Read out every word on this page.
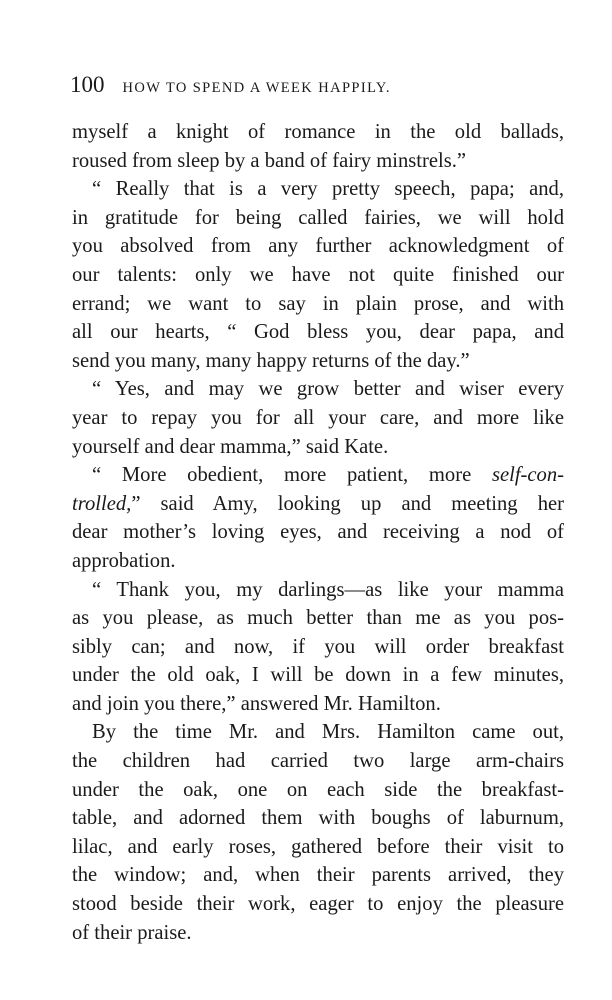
100 HOW TO SPEND A WEEK HAPPILY.
myself a knight of romance in the old ballads,
roused from sleep by a band of fairy minstrels.”
“ Really that is a very pretty speech, papa; and,
in gratitude for being called fairies, we will hold
you absolved from any further acknowledgment of
our talents: only we have not quite finished our
errand; we want to say in plain prose, and with
all our hearts, “ God bless you, dear papa, and
send you many, many happy returns of the day.”
“ Yes, and may we grow better and wiser every
year to repay you for all your care, and more like
yourself and dear mamma,” said Kate.
“ More obedient, more patient, more self-con-
trolled,” said Amy, looking up and meeting her
dear mother’s loving eyes, and receiving a nod of
approbation.
“ Thank you, my darlings—as like your mamma
as you please, as much better than me as you pos-
sibly can; and now, if you will order breakfast
under the old oak, I will be down in a few minutes,
and join you there,” answered Mr. Hamilton.
By the time Mr. and Mrs. Hamilton came out,
the children had carried two large arm-chairs
under the oak, one on each side the breakfast-
table, and adorned them with boughs of laburnum,
lilac, and early roses, gathered before their visit to
the window; and, when their parents arrived, they
stood beside their work, eager to enjoy the pleasure
of their praise.
